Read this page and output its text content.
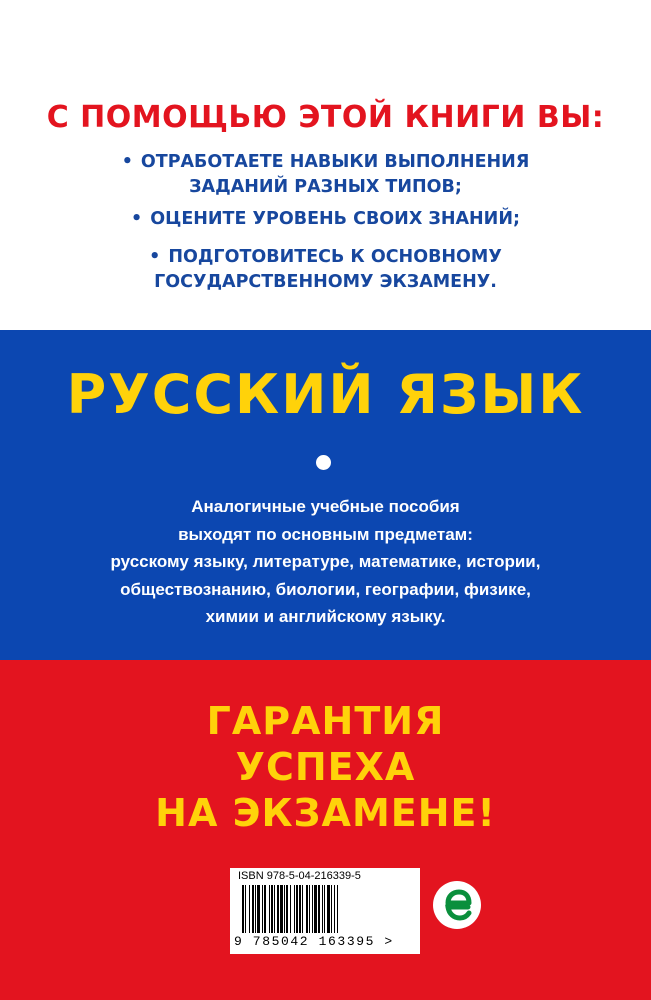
С ПОМОЩЬЮ ЭТОЙ КНИГИ ВЫ:
• ОТРАБОТАЕТЕ НАВЫКИ ВЫПОЛНЕНИЯ
ЗАДАНИЙ РАЗНЫХ ТИПОВ;
• ОЦЕНИТЕ УРОВЕНЬ СВОИХ ЗНАНИЙ;
• ПОДГОТОВИТЕСЬ К ОСНОВНОМУ
ГОСУДАРСТВЕННОМУ ЭКЗАМЕНУ.
РУССКИЙ ЯЗЫК
Аналогичные учебные пособия
выходят по основным предметам:
русскому языку, литературе, математике, истории,
обществознанию, биологии, географии, физике,
химии и английскому языку.
ГАРАНТИЯ
УСПЕХА
НА ЭКЗАМЕНЕ!
ISBN 978-5-04-216339-5
9 785042 163395 >
